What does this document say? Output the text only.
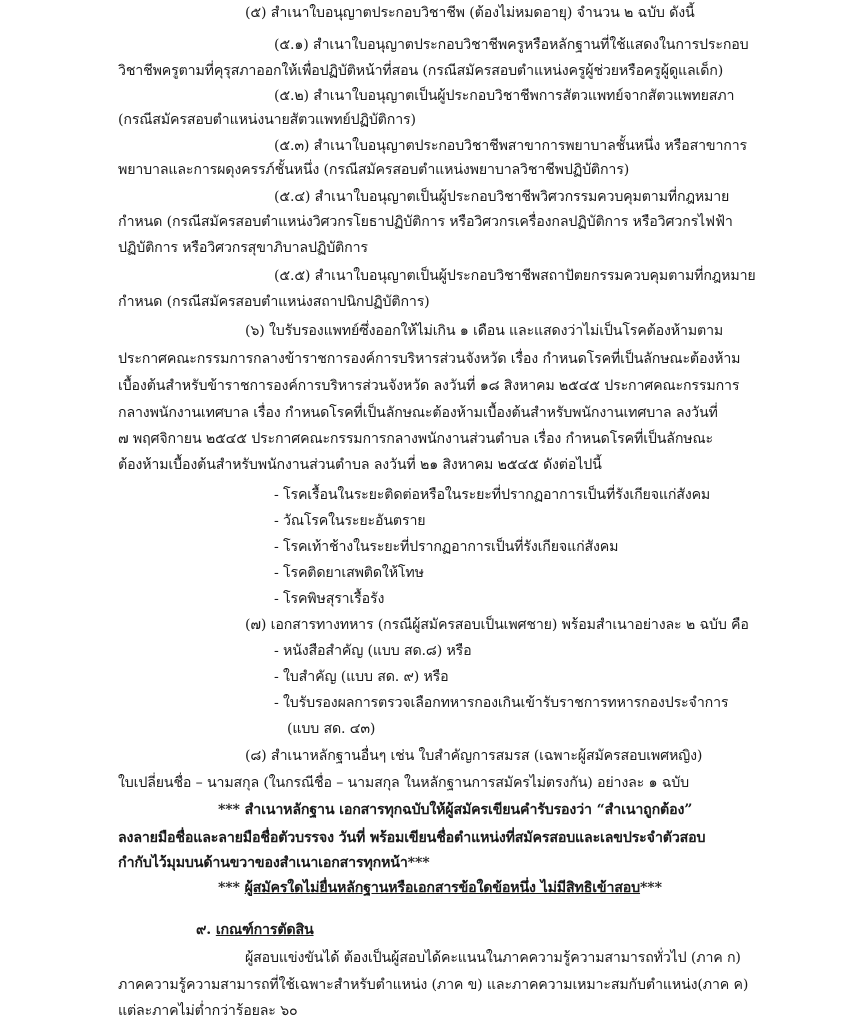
(๕) สำเนาใบอนุญาตประกอบวิชาชีพ (ต้องไม่หมดอายุ) จำนวน ๒ ฉบับ ดังนี้
(๕.๑) สำเนาใบอนุญาตประกอบวิชาชีพครูหรือหลักฐานที่ใช้แสดงในการประกอบ
วิชาชีพครูตามที่คุรุสภาออกให้เพื่อปฏิบัติหน้าที่สอน (กรณีสมัครสอบตำแหน่งครูผู้ช่วยหรือครูผู้ดูแลเด็ก)
(๕.๒) สำเนาใบอนุญาตเป็นผู้ประกอบวิชาชีพการสัตวแพทย์จากสัตวแพทยสภา
(กรณีสมัครสอบตำแหน่งนายสัตวแพทย์ปฏิบัติการ)
(๕.๓) สำเนาใบอนุญาตประกอบวิชาชีพสาขาการพยาบาลชั้นหนึ่ง หรือสาขาการ
พยาบาลและการผดุงครรภ์ชั้นหนึ่ง (กรณีสมัครสอบตำแหน่งพยาบาลวิชาชีพปฏิบัติการ)
(๕.๔) สำเนาใบอนุญาตเป็นผู้ประกอบวิชาชีพวิศวกรรมควบคุมตามที่กฎหมาย
กำหนด (กรณีสมัครสอบตำแหน่งวิศวกรโยธาปฏิบัติการ หรือวิศวกรเครื่องกลปฏิบัติการ หรือวิศวกรไฟฟ้า
ปฏิบัติการ หรือวิศวกรสุขาภิบาลปฏิบัติการ
(๕.๕) สำเนาใบอนุญาตเป็นผู้ประกอบวิชาชีพสถาปัตยกรรมควบคุมตามที่กฎหมาย
กำหนด (กรณีสมัครสอบตำแหน่งสถาปนิกปฏิบัติการ)
(๖) ใบรับรองแพทย์ซึ่งออกให้ไม่เกิน ๑ เดือน และแสดงว่าไม่เป็นโรคต้องห้ามตาม
ประกาศคณะกรรมการกลางข้าราชการองค์การบริหารส่วนจังหวัด เรื่อง กำหนดโรคที่เป็นลักษณะต้องห้าม
เบื้องต้นสำหรับข้าราชการองค์การบริหารส่วนจังหวัด ลงวันที่ ๑๘ สิงหาคม ๒๕๔๕ ประกาศคณะกรรมการ
กลางพนักงานเทศบาล เรื่อง กำหนดโรคที่เป็นลักษณะต้องห้ามเบื้องต้นสำหรับพนักงานเทศบาล ลงวันที่
๗ พฤศจิกายน ๒๕๔๕ ประกาศคณะกรรมการกลางพนักงานส่วนตำบล เรื่อง กำหนดโรคที่เป็นลักษณะ
ต้องห้ามเบื้องต้นสำหรับพนักงานส่วนตำบล ลงวันที่ ๒๑ สิงหาคม ๒๕๔๕ ดังต่อไปนี้
- โรคเรื้อนในระยะติดต่อหรือในระยะที่ปรากฏอาการเป็นที่รังเกียจแก่สังคม
- วัณโรคในระยะอันตราย
- โรคเท้าช้างในระยะที่ปรากฏอาการเป็นที่รังเกียจแก่สังคม
- โรคติดยาเสพติดให้โทษ
- โรคพิษสุราเรื้อรัง
(๗) เอกสารทางทหาร (กรณีผู้สมัครสอบเป็นเพศชาย) พร้อมสำเนาอย่างละ ๒ ฉบับ คือ
- หนังสือสำคัญ (แบบ สด.๘) หรือ
- ใบสำคัญ (แบบ สด. ๙) หรือ
- ใบรับรองผลการตรวจเลือกทหารกองเกินเข้ารับราชการทหารกองประจำการ
(แบบ สด. ๔๓)
(๘) สำเนาหลักฐานอื่นๆ เช่น ใบสำคัญการสมรส (เฉพาะผู้สมัครสอบเพศหญิง)
ใบเปลี่ยนชื่อ – นามสกุล (ในกรณีชื่อ – นามสกุล ในหลักฐานการสมัครไม่ตรงกัน) อย่างละ ๑ ฉบับ
*** สำเนาหลักฐาน เอกสารทุกฉบับให้ผู้สมัครเขียนคำรับรองว่า “สำเนาถูกต้อง”
ลงลายมือชื่อและลายมือชื่อตัวบรรจง วันที่ พร้อมเขียนชื่อตำแหน่งที่สมัครสอบและเลขประจำตัวสอบ
กำกับไว้มุมบนด้านขวาของสำเนาเอกสารทุกหน้า***
*** ผู้สมัครใดไม่ยื่นหลักฐานหรือเอกสารข้อใดข้อหนึ่ง ไม่มีสิทธิเข้าสอบ***
๙. เกณฑ์การตัดสิน
ผู้สอบแข่งขันได้ ต้องเป็นผู้สอบได้คะแนนในภาคความรู้ความสามารถทั่วไป (ภาค ก)
ภาคความรู้ความสามารถที่ใช้เฉพาะสำหรับตำแหน่ง (ภาค ข) และภาคความเหมาะสมกับตำแหน่ง(ภาค ค)
แต่ละภาคไม่ต่ำกว่าร้อยละ ๖๐
